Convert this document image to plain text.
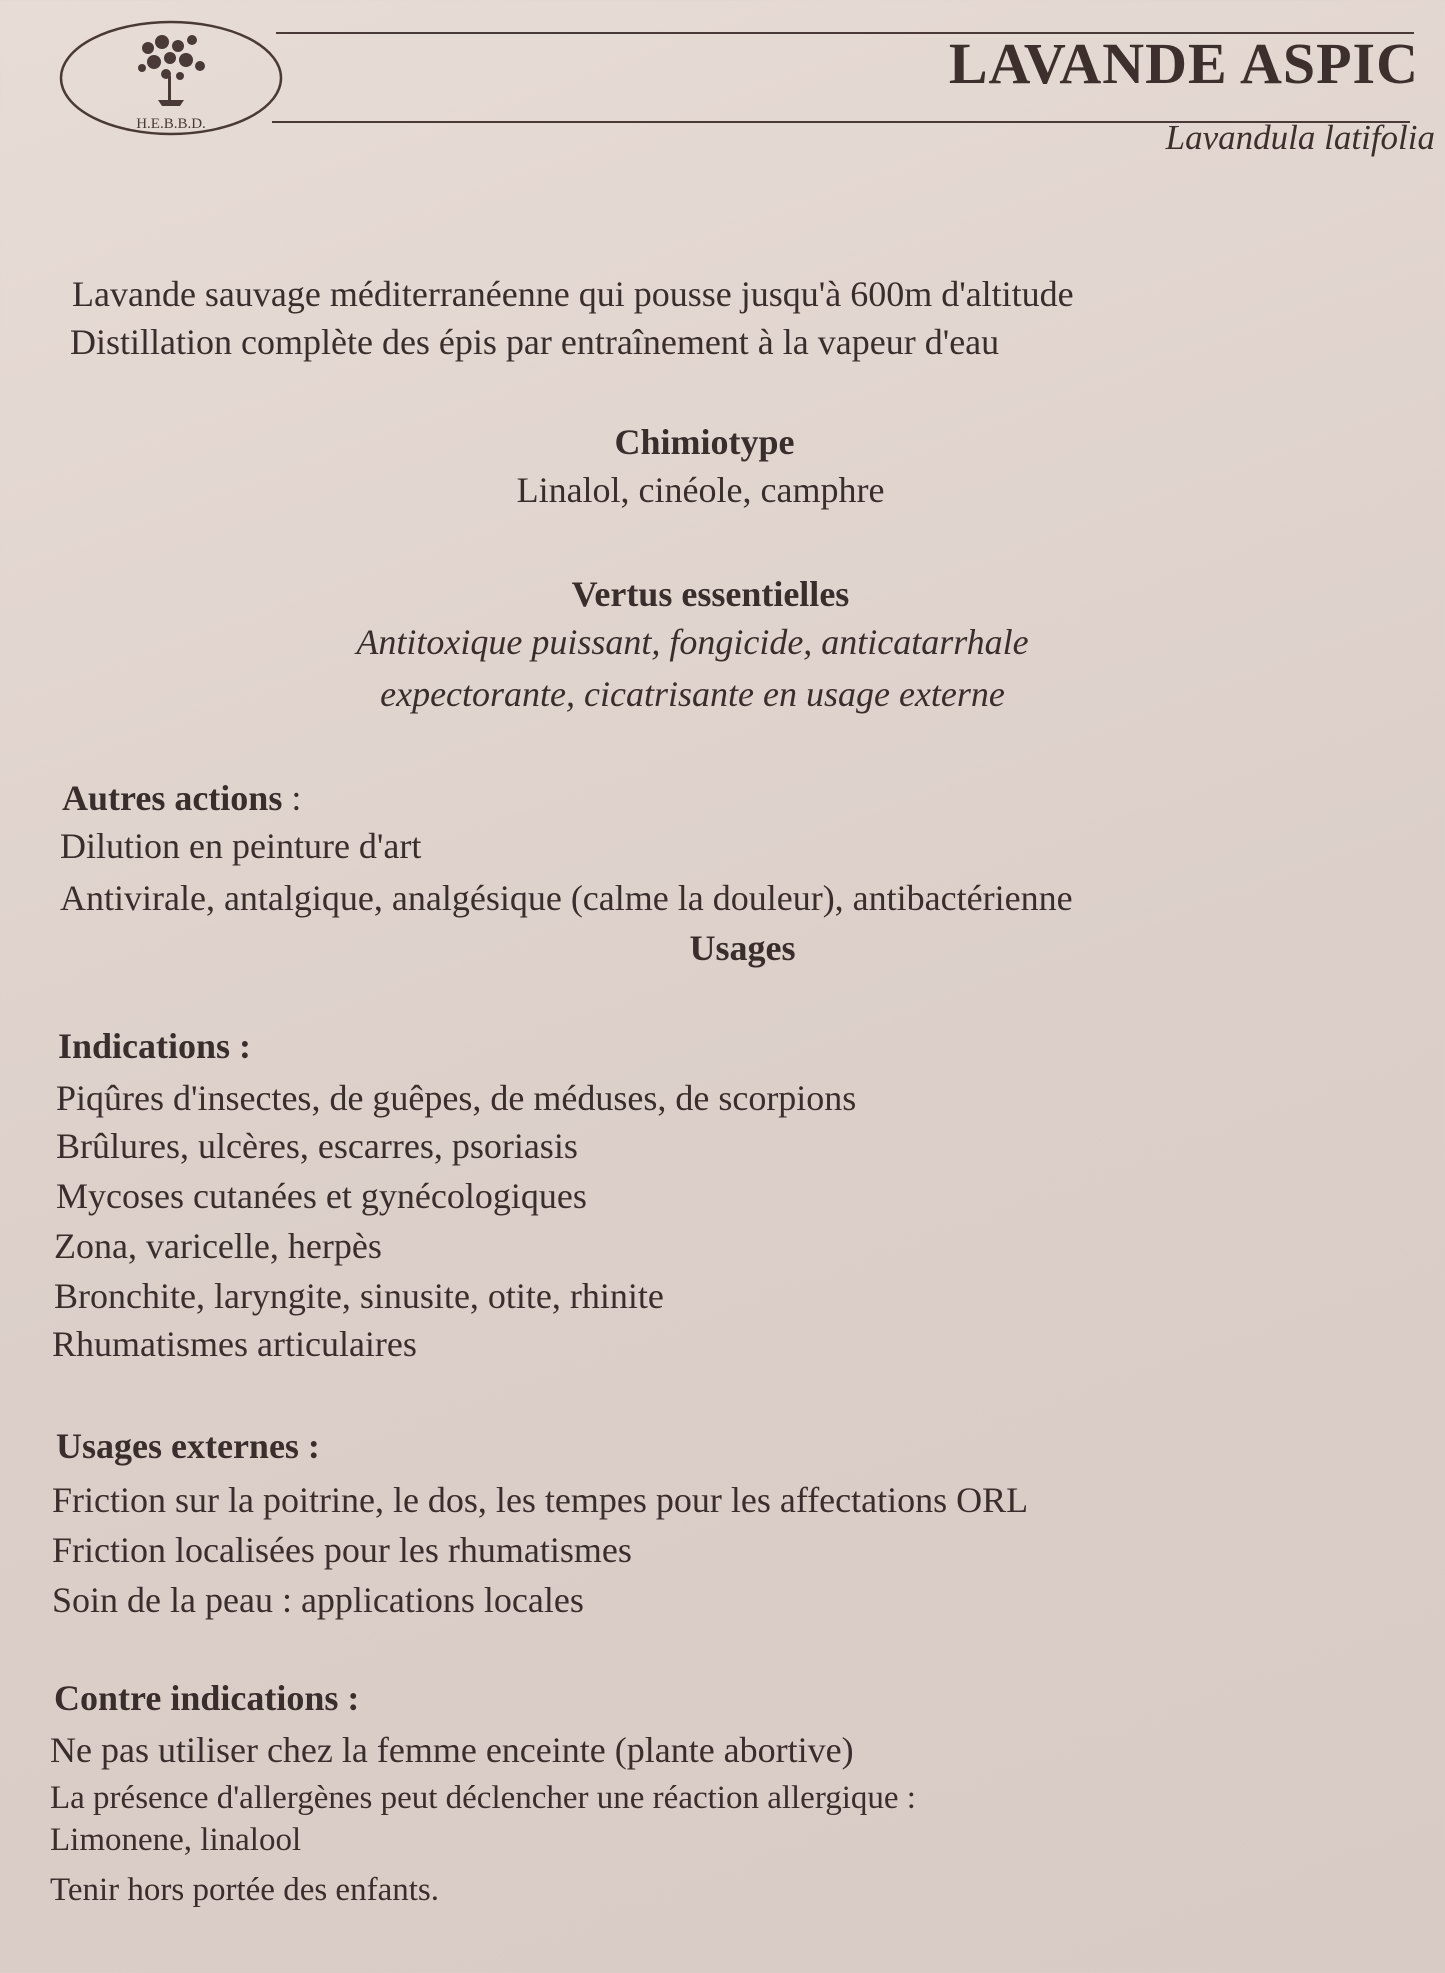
H.E.B.B.D.
LAVANDE ASPIC
Lavandula latifolia
Lavande sauvage méditerranéenne qui pousse jusqu'à 600m d'altitude
Distillation complète des épis par entraînement à la vapeur d'eau
Chimiotype
Linalol, cinéole, camphre
Vertus essentielles
Antitoxique puissant, fongicide, anticatarrhale
expectorante, cicatrisante en usage externe
Autres actions :
Dilution en peinture d'art
Antivirale, antalgique, analgésique (calme la douleur), antibactérienne
Usages
Indications :
Piqûres d'insectes, de guêpes, de méduses, de scorpions
Brûlures, ulcères, escarres, psoriasis
Mycoses cutanées et gynécologiques
Zona, varicelle, herpès
Bronchite, laryngite, sinusite, otite, rhinite
Rhumatismes articulaires
Usages externes :
Friction sur la poitrine, le dos, les tempes pour les affectations ORL
Friction localisées pour les rhumatismes
Soin de la peau : applications locales
Contre indications :
Ne pas utiliser chez la femme enceinte (plante abortive)
La présence d'allergènes peut déclencher une réaction allergique :
Limonene, linalool
Tenir hors portée des enfants.
